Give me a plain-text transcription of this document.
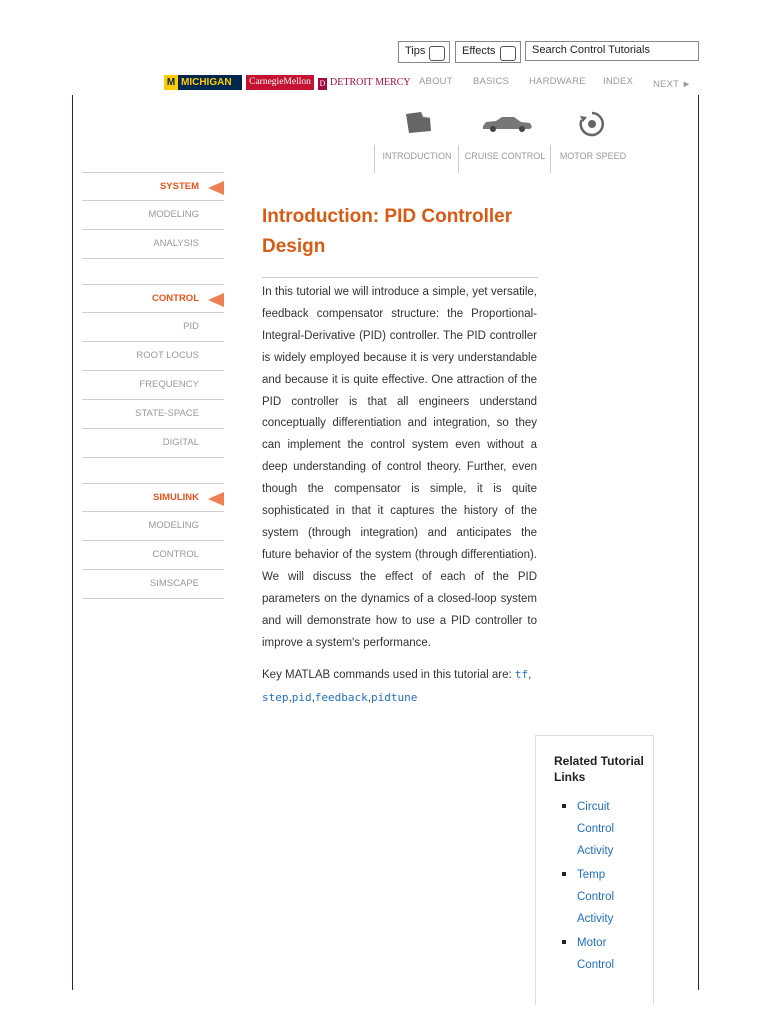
Tips	Effects	Search Control Tutorials
M MICHIGAN	CarnegieMellon	D DETROIT MERCY ABOUT BASICS HARDWARE INDEX NEXT ►
INTRODUCTION	CRUISE CONTROL	MOTOR SPEED
SYSTEM
MODELING
ANALYSIS
CONTROL
PID
ROOT LOCUS
FREQUENCY
STATE-SPACE
DIGITAL
SIMULINK
MODELING
CONTROL
SIMSCAPE
Introduction: PID Controller Design
In this tutorial we will introduce a simple, yet versatile, feedback compensator structure: the Proportional-Integral-Derivative (PID) controller. The PID controller is widely employed because it is very understandable and because it is quite effective. One attraction of the PID controller is that all engineers understand conceptually differentiation and integration, so they can implement the control system even without a deep understanding of control theory. Further, even though the compensator is simple, it is quite sophisticated in that it captures the history of the system (through integration) and anticipates the future behavior of the system (through differentiation). We will discuss the effect of each of the PID parameters on the dynamics of a closed-loop system and will demonstrate how to use a PID controller to improve a system's performance.
Key MATLAB commands used in this tutorial are: tf,
step,pid,feedback,pidtune
Related Tutorial Links
Circuit Control Activity
Temp Control Activity
Motor Control
